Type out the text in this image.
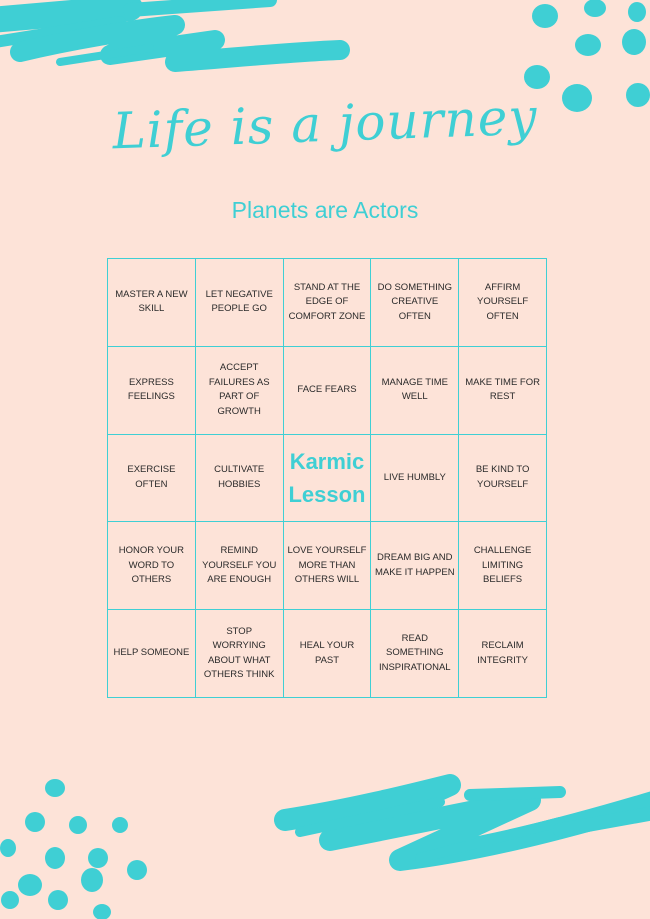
Life is a journey
Planets are Actors
MASTER A NEW SKILL
LET NEGATIVE PEOPLE GO
STAND AT THE EDGE OF COMFORT ZONE
DO SOMETHING CREATIVE OFTEN
AFFIRM YOURSELF OFTEN
EXPRESS FEELINGS
ACCEPT FAILURES AS PART OF GROWTH
FACE FEARS
MANAGE TIME WELL
MAKE TIME FOR REST
EXERCISE OFTEN
CULTIVATE HOBBIES
Karmic Lesson
LIVE HUMBLY
BE KIND TO YOURSELF
HONOR YOUR WORD TO OTHERS
REMIND YOURSELF YOU ARE ENOUGH
LOVE YOURSELF MORE THAN OTHERS WILL
DREAM BIG AND MAKE IT HAPPEN
CHALLENGE LIMITING BELIEFS
HELP SOMEONE
STOP WORRYING ABOUT WHAT OTHERS THINK
HEAL YOUR PAST
READ SOMETHING INSPIRATIONAL
RECLAIM INTEGRITY
